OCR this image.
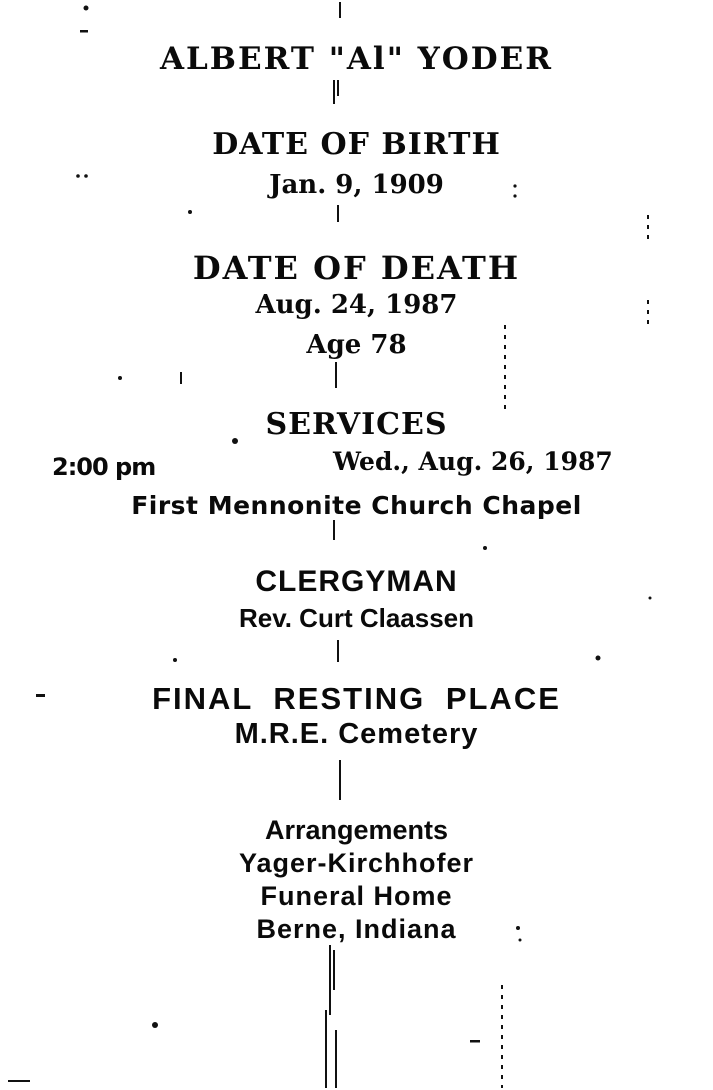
ALBERT "Al" YODER
DATE OF BIRTH
Jan. 9, 1909
DATE OF DEATH
Aug. 24, 1987
Age 78
SERVICES
2:00 pm	Wed., Aug. 26, 1987
First Mennonite Church Chapel
CLERGYMAN
Rev. Curt Claassen
FINAL RESTING PLACE
M.R.E. Cemetery
Arrangements
Yager-Kirchhofer
Funeral Home
Berne, Indiana
